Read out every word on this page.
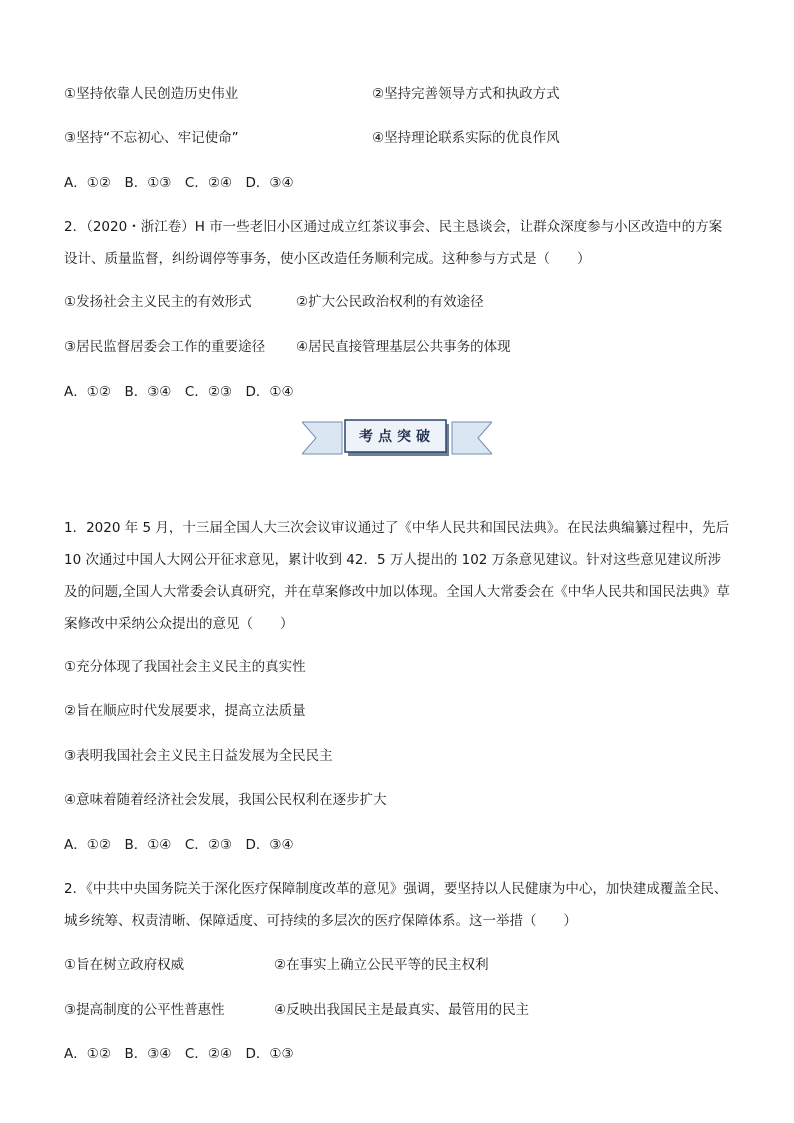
①坚持依靠人民创造历史伟业	②坚持完善领导方式和执政方式
③坚持“不忘初心、牢记使命”	④坚持理论联系实际的优良作风
A．①②　B．①③　C．②④　D．③④
2．（2020・浙江卷）H 市一些老旧小区通过成立红茶议事会、民主恳谈会，让群众深度参与小区改造中的方案设计、质量监督，纠纷调停等事务，使小区改造任务顺利完成。这种参与方式是（　　）
①发扬社会主义民主的有效形式	②扩大公民政治权利的有效途径
③居民监督居委会工作的重要途径 ④居民直接管理基层公共事务的体现
A．①②　B．③④　C．②③　D．①④
考点突破
1．2020 年 5 月，十三届全国人大三次会议审议通过了《中华人民共和国民法典》。在民法典编纂过程中，先后 10 次通过中国人大网公开征求意见，累计收到 42．5 万人提出的 102 万条意见建议。针对这些意见建议所涉及的问题,全国人大常委会认真研究，并在草案修改中加以体现。全国人大常委会在《中华人民共和国民法典》草案修改中采纳公众提出的意见（　　）
①充分体现了我国社会主义民主的真实性
②旨在顺应时代发展要求，提高立法质量
③表明我国社会主义民主日益发展为全民民主
④意味着随着经济社会发展，我国公民权利在逐步扩大
A．①②　B．①④　C．②③　D．③④
2．《中共中央国务院关于深化医疗保障制度改革的意见》强调，要坚持以人民健康为中心，加快建成覆盖全民、城乡统筹、权责清晰、保障适度、可持续的多层次的医疗保障体系。这一举措（　　）
①旨在树立政府权威	②在事实上确立公民平等的民主权利
③提高制度的公平性普惠性	④反映出我国民主是最真实、最管用的民主
A．①②　B．③④　C．②④　D．①③
